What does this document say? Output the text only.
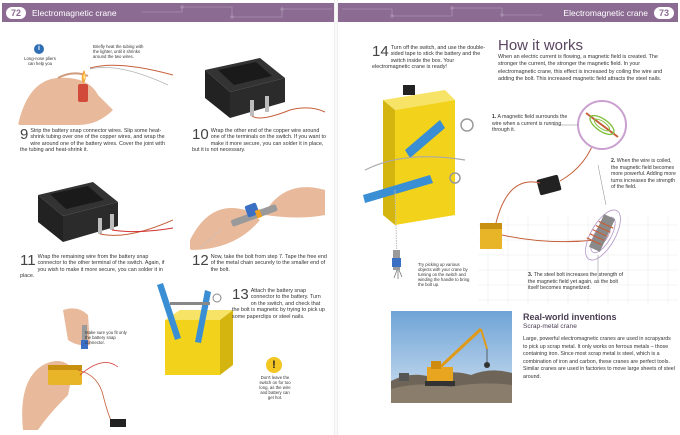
72	Electromagnetic crane	Electromagnetic crane	73
i
Long-nose pliers can help you
Briefly heat the tubing with the lighter, until it shrinks around the two wires.
9 Strip the battery snap connector wires. Slip some heat-shrink tubing over one of the copper wires, and wrap the wire around one of the battery wires. Cover the joint with the tubing and heat-shrink it.
10 Wrap the other end of the copper wire around one of the terminals on the switch. If you want to make it more secure, you can solder it in place, but it is not necessary.
11 Wrap the remaining wire from the battery snap connector to the other terminal of the switch. Again, if you wish to make it more secure, you can solder it in place.
12 Now, take the bolt from step 7. Tape the free end of the metal chain securely to the smaller end of the bolt.
Make sure you fit only the battery snap connector.
13 Attach the battery snap connector to the battery. Turn on the switch, and check that the bolt is magnetic by trying to pick up some paperclips or steel nails.
!
Don't leave the switch on for too long, as the wire and battery can get hot.
14 Turn off the switch, and use the double-sided tape to stick the battery and the switch inside the box. Your electromagnetic crane is ready!
Try picking up various objects with your crane by turning on the switch and winding the handle to bring the bolt up.
How it works
When an electric current is flowing, a magnetic field is created. The stronger the current, the stronger the magnetic field. In your electromagnetic crane, this effect is increased by coiling the wire and adding the bolt. This increased magnetic field attracts the steel nails.
1. A magnetic field surrounds the wire when a current is running through it.
2. When the wire is coiled, the magnetic field becomes more powerful. Adding more turns increases the strength of the field.
3. The steel bolt increases the strength of the magnetic field yet again, as the bolt itself becomes magnetized.
Real-world inventions
Scrap-metal crane
Large, powerful electromagnetic cranes are used in scrapyards to pick up scrap metal. It only works on ferrous metals – those containing iron. Since most scrap metal is steel, which is a combination of iron and carbon, these cranes are perfect tools. Similar cranes are used in factories to move large sheets of steel around.
